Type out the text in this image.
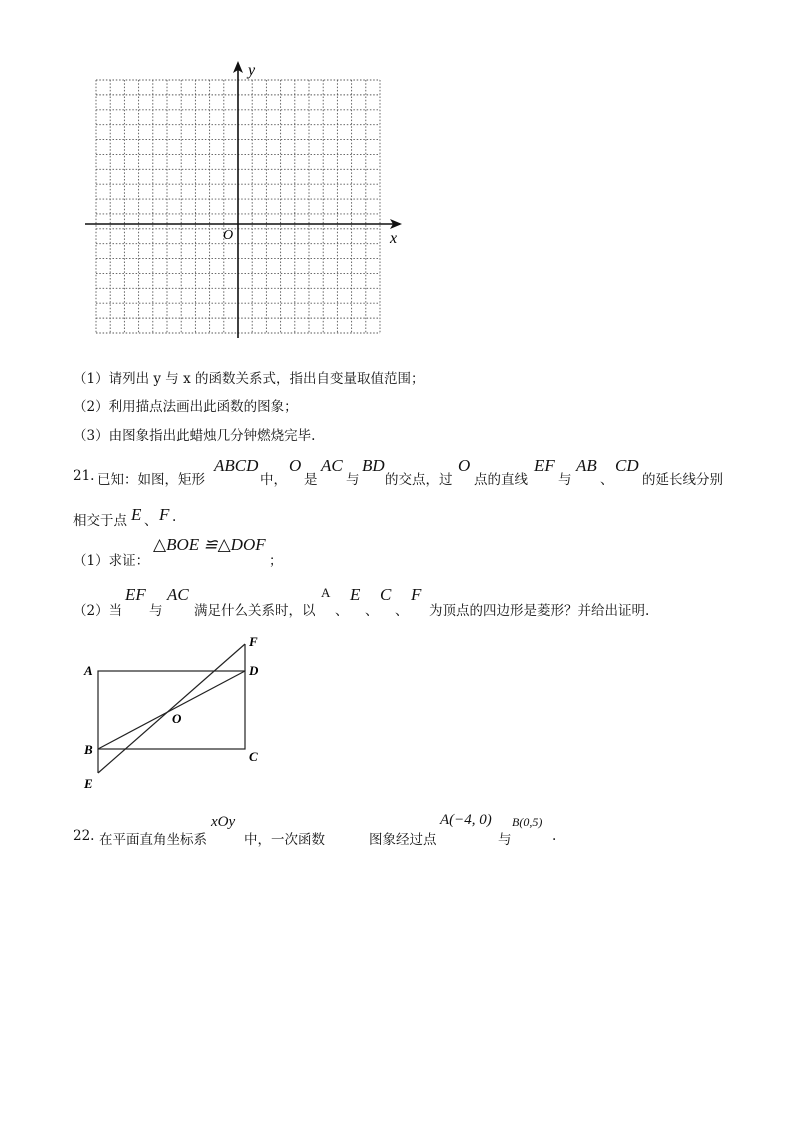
y
x
O
（1）请列出 y 与 x 的函数关系式，指出自变量取值范围；
（2）利用描点法画出此函数的图象；
（3）由图象指出此蜡烛几分钟燃烧完毕.
21. 已知：如图，矩形
ABCD
中，
O
是
AC
与
BD
的交点，过
O
点的直线
EF
与
AB
、
CD
的延长线分别
相交于点 E 、 F .
（1）求证：
△BOE ≌△DOF
；
（2）当
EF
与
AC
满足什么关系时，以
A
、
E
、
C
、
F
为顶点的四边形是菱形？并给出证明.
A
B	C
D
E
F
O
22. 在平面直角坐标系
xOy
中，一次函数	图象经过点
A(−4, 0)
与
B(0,5)
.
